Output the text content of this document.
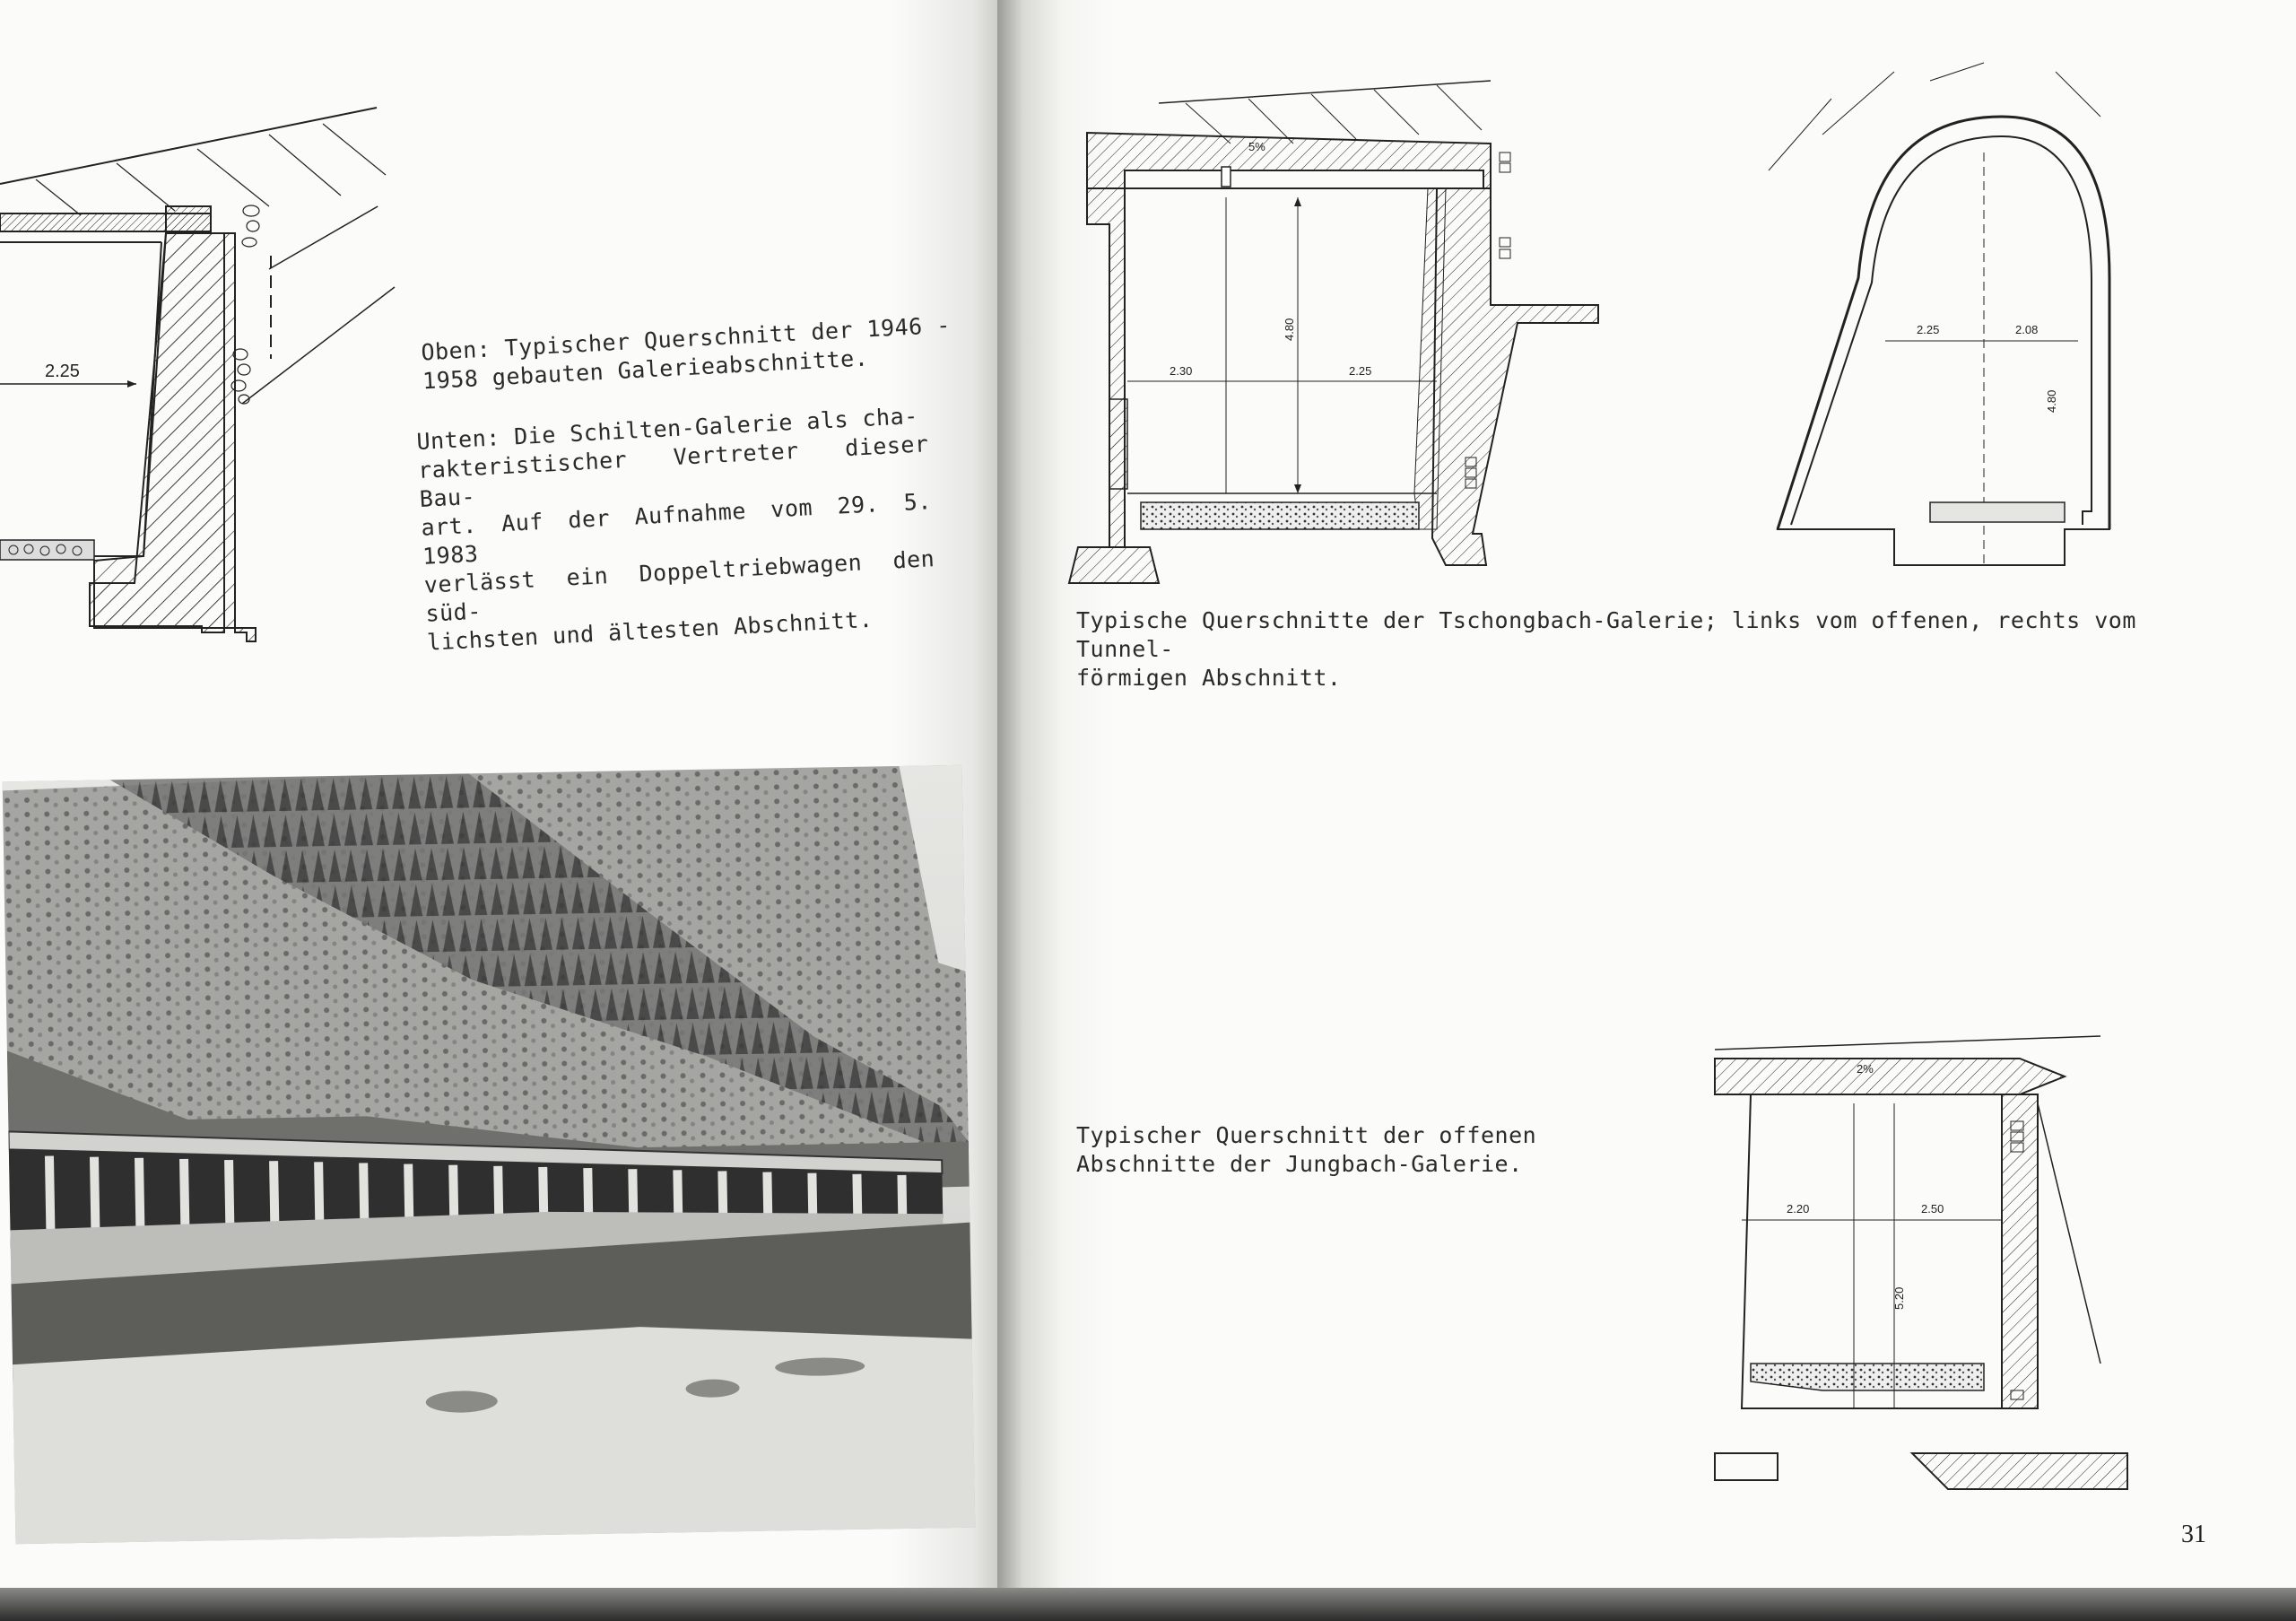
2.25

Oben: Typischer Querschnitt der 1946 -
1958 gebauten Galerieabschnitte.

Unten: Die Schilten-Galerie als cha-
rakteristischer Vertreter dieser Bau-
art. Auf der Aufnahme vom 29. 5. 1983
verlässt ein Doppeltriebwagen den süd-
lichsten und ältesten Abschnitt.

5%
2.30	2.25
4.80	2.25	2.08
4.80

Typische Querschnitte der Tschongbach-Galerie; links vom offenen, rechts vom  Tunnel-
förmigen Abschnitt.

2%
2.20	2.50
5.20

Typischer Querschnitt der offenen
Abschnitte der Jungbach-Galerie.

31
